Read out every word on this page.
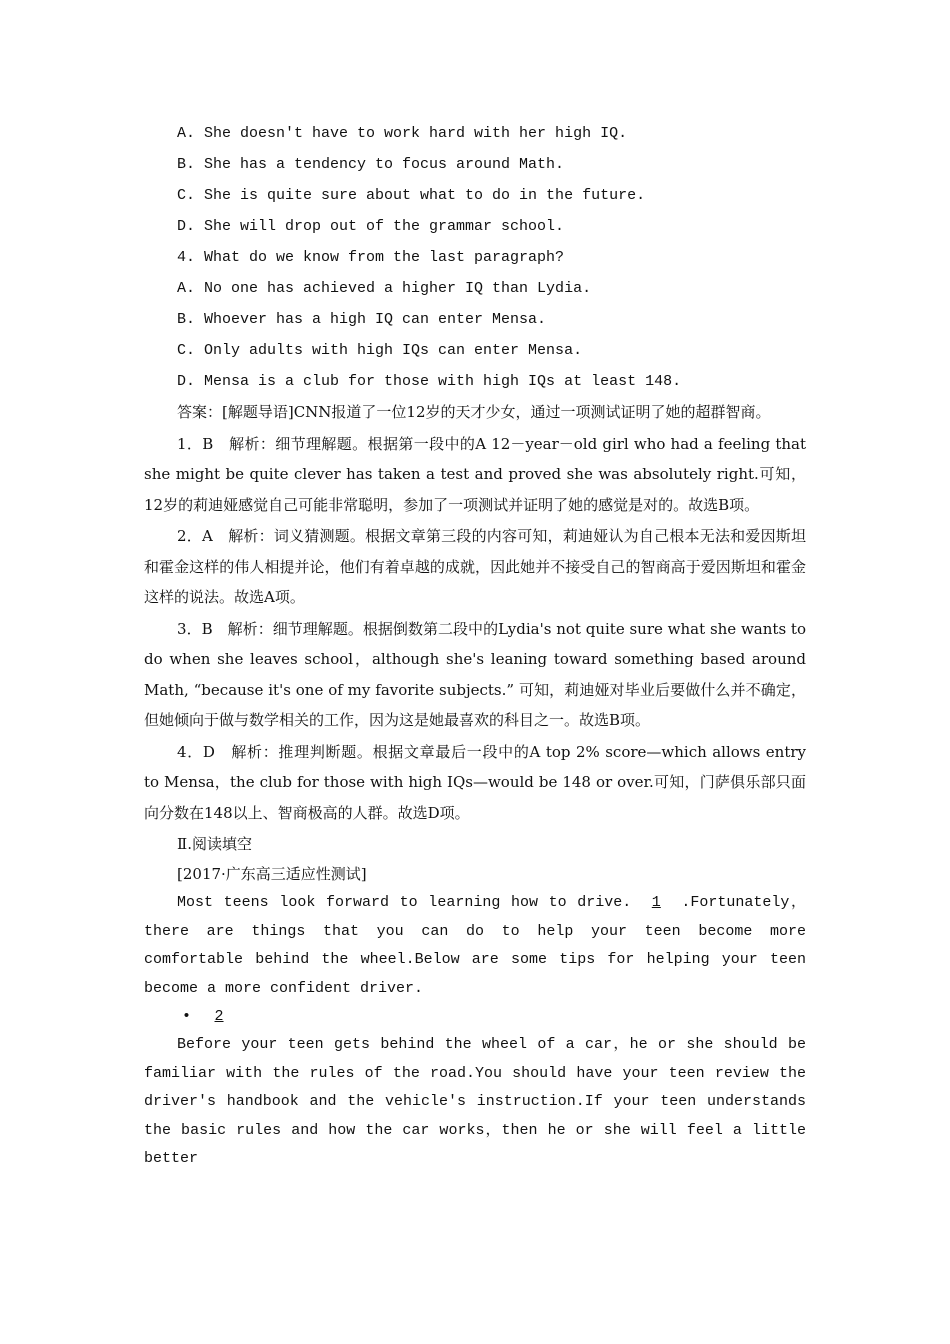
A. She doesn't have to work hard with her high IQ.
B. She has a tendency to focus around Math.
C. She is quite sure about what to do in the future.
D. She will drop out of the grammar school.
4. What do we know from the last paragraph?
A. No one has achieved a higher IQ than Lydia.
B. Whoever has a high IQ can enter Mensa.
C. Only adults with high IQs can enter Mensa.
D. Mensa is a club for those with high IQs at least 148.

答案：[解题导语]CNN报道了一位12岁的天才少女，通过一项测试证明了她的超群智商。

1．B　解析：细节理解题。根据第一段中的A 12－year－old girl who had a feeling that she might be quite clever has taken a test and proved she was absolutely right.可知，12岁的莉迪娅感觉自己可能非常聪明，参加了一项测试并证明了她的感觉是对的。故选B项。

2．A　解析：词义猜测题。根据文章第三段的内容可知，莉迪娅认为自己根本无法和爱因斯坦和霍金这样的伟人相提并论，他们有着卓越的成就，因此她并不接受自己的智商高于爱因斯坦和霍金这样的说法。故选A项。

3．B　解析：细节理解题。根据倒数第二段中的Lydia's not quite sure what she wants to do when she leaves school，although she's leaning toward something based around Math, “because it's one of my favorite subjects.” 可知，莉迪娅对毕业后要做什么并不确定，但她倾向于做与数学相关的工作，因为这是她最喜欢的科目之一。故选B项。

4．D　解析：推理判断题。根据文章最后一段中的A top 2% score—which allows entry to Mensa，the club for those with high IQs—would be 148 or over.可知，门萨俱乐部只面向分数在148以上、智商极高的人群。故选D项。

Ⅱ.阅读填空
[2017·广东高三适应性测试]

Most teens look forward to learning how to drive. 1 .Fortunately，there are things that you can do to help your teen become more comfortable behind the wheel.Below are some tips for helping your teen become a more confident driver.

• 2

Before your teen gets behind the wheel of a car，he or she should be familiar with the rules of the road.You should have your teen review the driver's handbook and the vehicle's instruction.If your teen understands the basic rules and how the car works，then he or she will feel a little better
